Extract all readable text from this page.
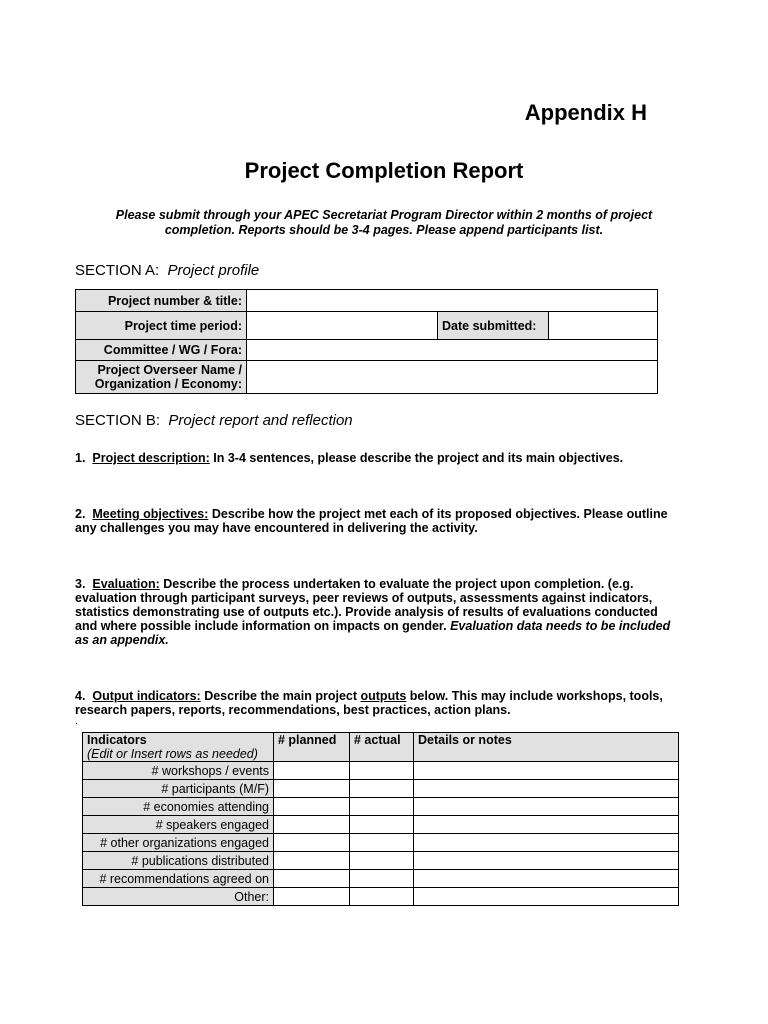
Appendix H
Project Completion Report
Please submit through your APEC Secretariat Program Director within 2 months of project completion. Reports should be 3-4 pages. Please append participants list.
SECTION A: Project profile
Project number & title:			
Project time period:		Date submitted:	
Committee / WG / Fora:			
Project Overseer Name / Organization / Economy:			
SECTION B: Project report and reflection
1. Project description: In 3-4 sentences, please describe the project and its main objectives.
2. Meeting objectives: Describe how the project met each of its proposed objectives. Please outline any challenges you may have encountered in delivering the activity.
3. Evaluation: Describe the process undertaken to evaluate the project upon completion. (e.g. evaluation through participant surveys, peer reviews of outputs, assessments against indicators, statistics demonstrating use of outputs etc.). Provide analysis of results of evaluations conducted and where possible include information on impacts on gender. Evaluation data needs to be included as an appendix.
4. Output indicators: Describe the main project outputs below. This may include workshops, tools, research papers, reports, recommendations, best practices, action plans.
.
Indicators
(Edit or Insert rows as needed)	# planned	# actual	Details or notes
# workshops / events			
# participants (M/F)			
# economies attending			
# speakers engaged			
# other organizations engaged			
# publications distributed			
# recommendations agreed on			
Other:			
